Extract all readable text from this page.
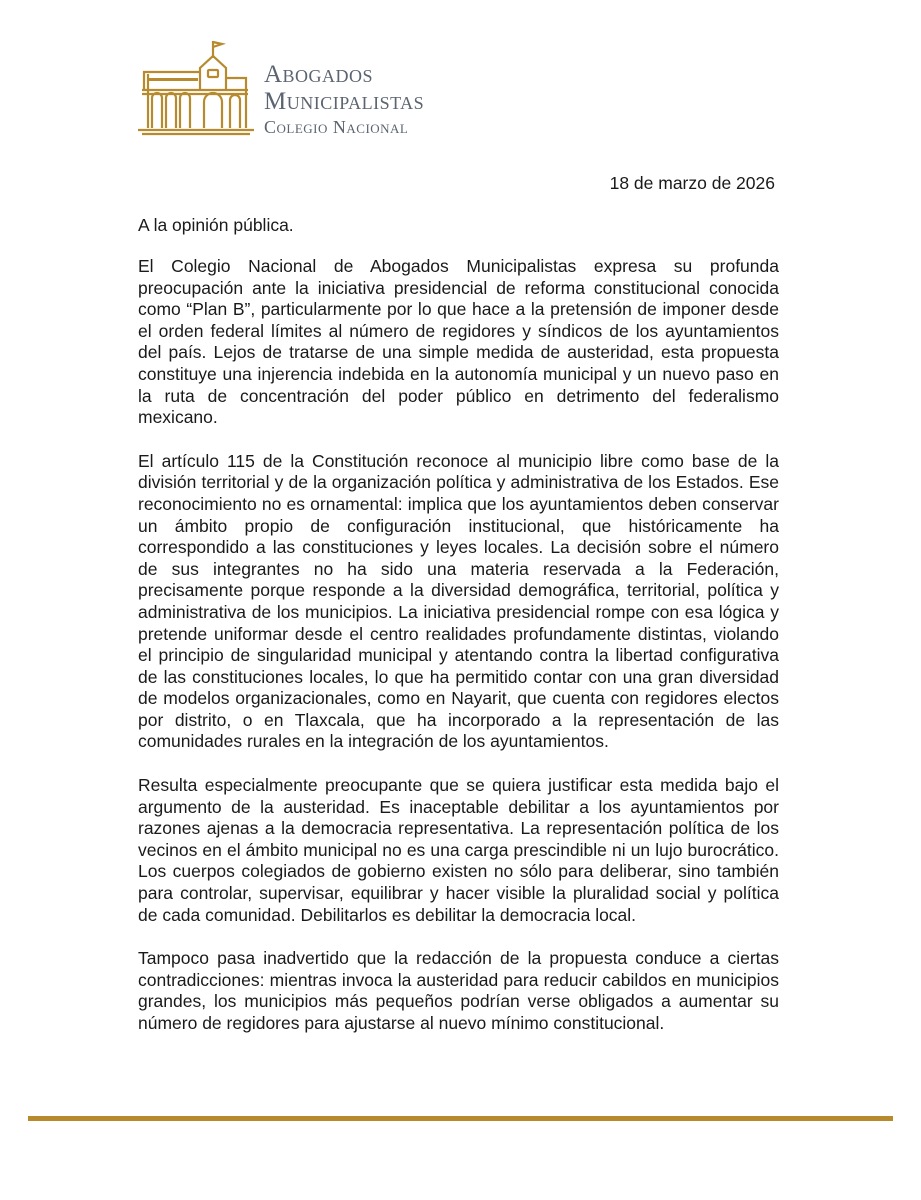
Abogados
Municipalistas
Colegio Nacional
18 de marzo de 2026
A la opinión pública.

El Colegio Nacional de Abogados Municipalistas expresa su profunda preocupación ante la iniciativa presidencial de reforma constitucional conocida como “Plan B”, particularmente por lo que hace a la pretensión de imponer desde el orden federal límites al número de regidores y síndicos de los ayuntamientos del país. Lejos de tratarse de una simple medida de austeridad, esta propuesta constituye una injerencia indebida en la autonomía municipal y un nuevo paso en la ruta de concentración del poder público en detrimento del federalismo mexicano.

El artículo 115 de la Constitución reconoce al municipio libre como base de la división territorial y de la organización política y administrativa de los Estados. Ese reconocimiento no es ornamental: implica que los ayuntamientos deben conservar un ámbito propio de configuración institucional, que históricamente ha correspondido a las constituciones y leyes locales. La decisión sobre el número de sus integrantes no ha sido una materia reservada a la Federación, precisamente porque responde a la diversidad demográfica, territorial, política y administrativa de los municipios. La iniciativa presidencial rompe con esa lógica y pretende uniformar desde el centro realidades profundamente distintas, violando el principio de singularidad municipal y atentando contra la libertad configurativa de las constituciones locales, lo que ha permitido contar con una gran diversidad de modelos organizacionales, como en Nayarit, que cuenta con regidores electos por distrito, o en Tlaxcala, que ha incorporado a la representación de las comunidades rurales en la integración de los ayuntamientos.

Resulta especialmente preocupante que se quiera justificar esta medida bajo el argumento de la austeridad. Es inaceptable debilitar a los ayuntamientos por razones ajenas a la democracia representativa. La representación política de los vecinos en el ámbito municipal no es una carga prescindible ni un lujo burocrático. Los cuerpos colegiados de gobierno existen no sólo para deliberar, sino también para controlar, supervisar, equilibrar y hacer visible la pluralidad social y política de cada comunidad. Debilitarlos es debilitar la democracia local.

Tampoco pasa inadvertido que la redacción de la propuesta conduce a ciertas contradicciones: mientras invoca la austeridad para reducir cabildos en municipios grandes, los municipios más pequeños podrían verse obligados a aumentar su número de regidores para ajustarse al nuevo mínimo constitucional.
